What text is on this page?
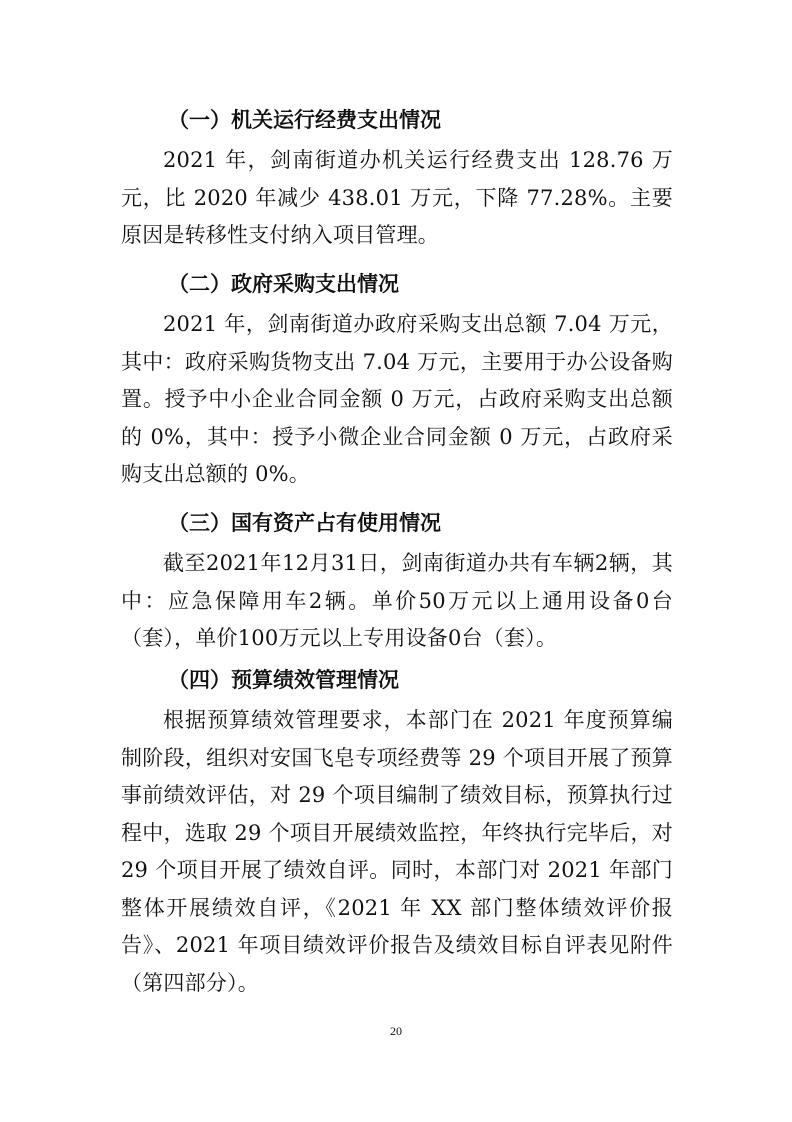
（一）机关运行经费支出情况

2021 年，剑南街道办机关运行经费支出 128.76 万元，比 2020 年减少 438.01 万元，下降 77.28%。主要原因是转移性支付纳入项目管理。

（二）政府采购支出情况

2021 年，剑南街道办政府采购支出总额 7.04 万元，其中：政府采购货物支出 7.04 万元，主要用于办公设备购置。授予中小企业合同金额 0 万元，占政府采购支出总额的 0%，其中：授予小微企业合同金额 0 万元，占政府采购支出总额的 0%。

（三）国有资产占有使用情况

截至2021年12月31日，剑南街道办共有车辆2辆，其中：应急保障用车2辆。单价50万元以上通用设备0台（套），单价100万元以上专用设备0台（套）。

（四）预算绩效管理情况

根据预算绩效管理要求，本部门在 2021 年度预算编制阶段，组织对安国飞皂专项经费等 29 个项目开展了预算事前绩效评估，对 29 个项目编制了绩效目标，预算执行过程中，选取 29 个项目开展绩效监控，年终执行完毕后，对 29 个项目开展了绩效自评。同时，本部门对 2021 年部门整体开展绩效自评，《2021 年 XX 部门整体绩效评价报告》、2021 年项目绩效评价报告及绩效目标自评表见附件（第四部分）。

20
